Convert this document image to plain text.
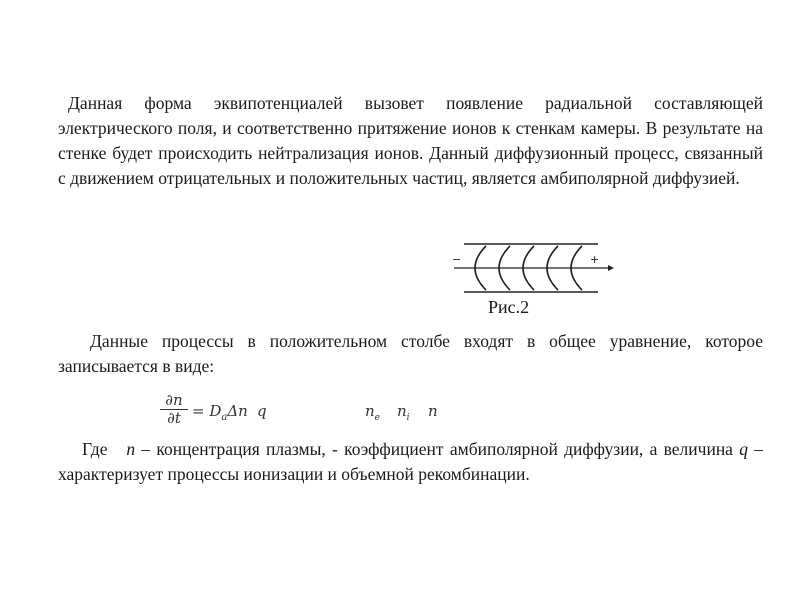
Данная форма эквипотенциалей вызовет появление радиальной составляющей электрического поля, и соответственно притяжение ионов к стенкам камеры. В результате на стенке будет происходить нейтрализация ионов. Данный диффузионный процесс, связанный с движением отрицательных и положительных частиц, является амбиполярной диффузией.

−	+
Рис.2

Данные процессы в положительном столбе входят в общее уравнение, которое записывается в виде:

$\frac{\partial n}{\partial t} = D_a\Delta n$ q	$n_e$ $n_i$ n

Где n – концентрация плазмы, - коэффициент амбиполярной диффузии, а величина q – характеризует процессы ионизации и объемной рекомбинации.
